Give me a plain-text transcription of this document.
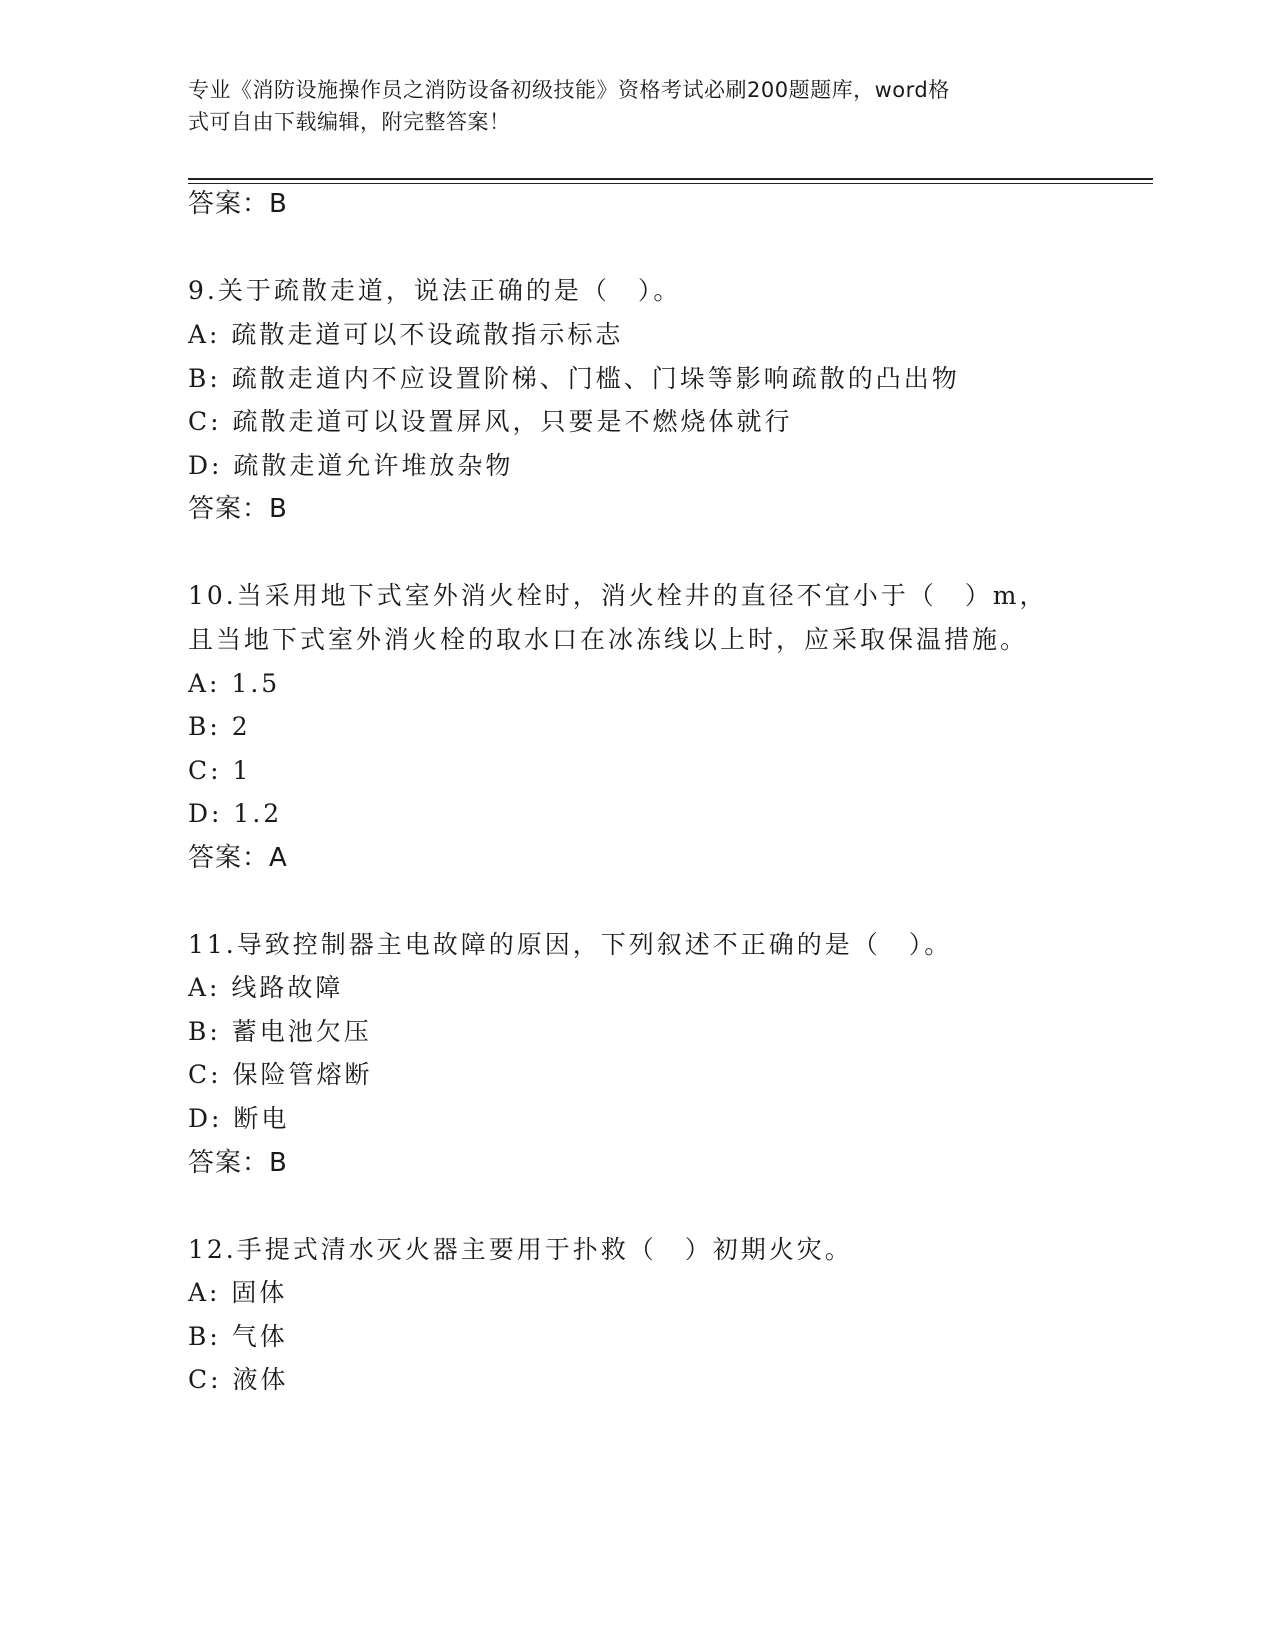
专业《消防设施操作员之消防设备初级技能》资格考试必刷200题题库，word格
式可自由下载编辑，附完整答案！
答案：B
9.关于疏散走道，说法正确的是（　）。
A: 疏散走道可以不设疏散指示标志
B: 疏散走道内不应设置阶梯、门槛、门垛等影响疏散的凸出物
C: 疏散走道可以设置屏风，只要是不燃烧体就行
D: 疏散走道允许堆放杂物
答案：B
10.当采用地下式室外消火栓时，消火栓井的直径不宜小于（　）m，
且当地下式室外消火栓的取水口在冰冻线以上时，应采取保温措施。
A: 1.5
B: 2
C: 1
D: 1.2
答案：A
11.导致控制器主电故障的原因，下列叙述不正确的是（　）。
A: 线路故障
B: 蓄电池欠压
C: 保险管熔断
D: 断电
答案：B
12.手提式清水灭火器主要用于扑救（　）初期火灾。
A: 固体
B: 气体
C: 液体
